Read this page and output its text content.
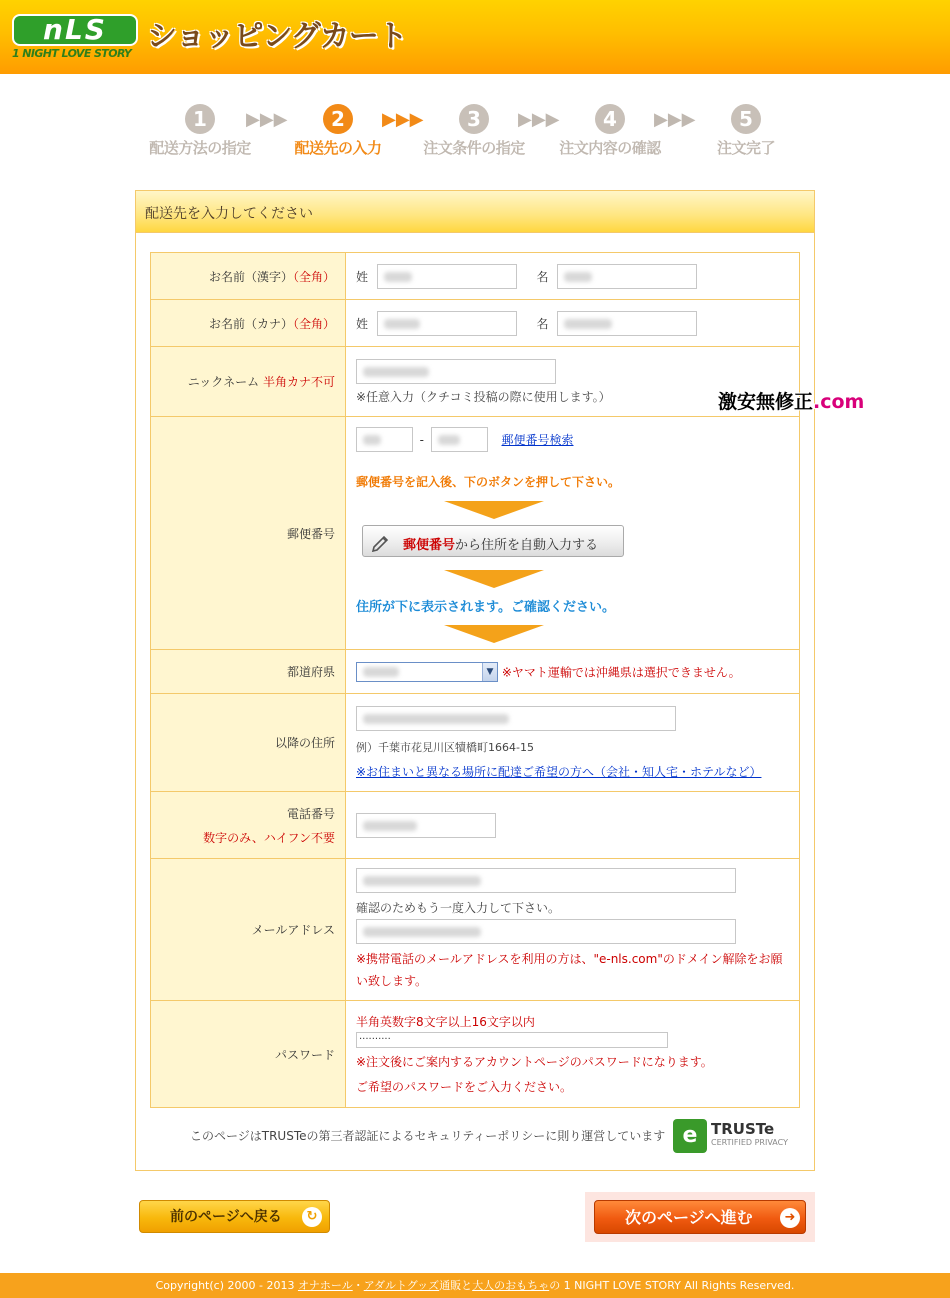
nLS
1 NIGHT LOVE STORY ショッピングカート
1
配送方法の指定
▶▶▶	2
配送先の入力
▶▶▶	3
注文条件の指定
▶▶▶	4
注文内容の確認
▶▶▶	5
注文完了
配送先を入力してください
お名前（漢字）（全角）	姓 名

お名前（カナ）（全角）	姓 名

ニックネーム 半角カナ不可	※任意入力（クチコミ投稿の際に使用します。）

郵便番号	- 郵便番号検索
郵便番号を記入後、下のボタンを押して下さい。
郵便番号から住所を自動入力する
住所が下に表示されます。ご確認ください。

都道府県	▼ ※ヤマト運輸では沖縄県は選択できません。
以降の住所	例）千葉市花見川区犢橋町1664-15
※お住まいと異なる場所に配達ご希望の方へ（会社・知人宅・ホテルなど）

電話番号
数字のみ、ハイフン不要	

メールアドレス	確認のためもう一度入力して下さい。
※携帯電話のメールアドレスを利用の方は、"e-nls.com"のドメイン解除をお願い致します。

パスワード	半角英数字8文字以上16文字以内
··········
※注文後にご案内するアカウントページのパスワードになります。
ご希望のパスワードをご入力ください。
このページはTRUSTeの第三者認証によるセキュリティーポリシーに則り運営しています e TRUSTe
CERTIFIED PRIVACY
前のページへ戻る	↻	次のページへ進む	➜
激安無修正.com
Copyright(c) 2000 - 2013 オナホール・アダルトグッズ通販と大人のおもちゃの 1 NIGHT LOVE STORY All Rights Reserved.
